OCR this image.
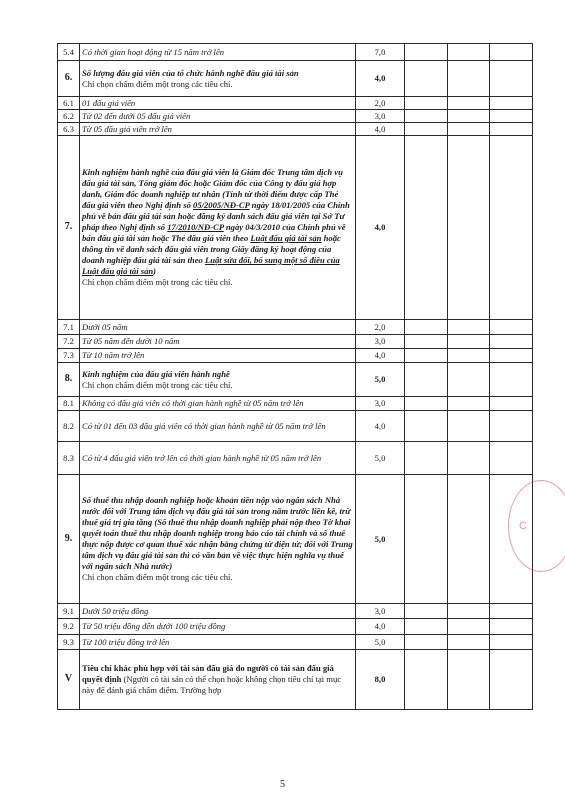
5.4	Có thời gian hoạt động từ 15 năm trở lên	7,0			
6.	Số lượng đấu giá viên của tổ chức hành nghề đấu giá tài sản
Chỉ chọn chấm điểm một trong các tiêu chí.	4,0			
6.1	01 đấu giá viên	2,0			
6.2	Từ 02 đến dưới 05 đấu giá viên	3,0			
6.3	Từ 05 đấu giá viên trở lên	4,0			
7.	Kinh nghiệm hành nghề của đấu giá viên là Giám đốc Trung tâm dịch vụ đấu giá tài sản, Tổng giám đốc hoặc Giám đốc của Công ty đấu giá hợp danh, Giám đốc doanh nghiệp tư nhân (Tính từ thời điểm được cấp Thẻ đấu giá viên theo Nghị định số 05/2005/NĐ-CP ngày 18/01/2005 của Chính phủ về bán đấu giá tài sản hoặc đăng ký danh sách đấu giá viên tại Sở Tư pháp theo Nghị định số 17/2010/NĐ-CP ngày 04/3/2010 của Chính phủ về bán đấu giá tài sản hoặc Thẻ đấu giá viên theo Luật đấu giá tài sản hoặc thông tin về danh sách đấu giá viên trong Giấy đăng ký hoạt động của doanh nghiệp đấu giá tài sản theo Luật sửa đổi, bổ sung một số điều của Luật đấu giá tài sản)
Chỉ chọn chấm điểm một trong các tiêu chí.	4,0			
7.1	Dưới 05 năm	2,0			
7.2	Từ 05 năm đến dưới 10 năm	3,0			
7.3	Từ 10 năm trở lên	4,0			
8.	Kinh nghiệm của đấu giá viên hành nghề
Chỉ chọn chấm điểm một trong các tiêu chí.	5,0			
8.1	Không có đấu giá viên có thời gian hành nghề từ 05 năm trở lên	3,0			
8.2	Có từ 01 đến 03 đấu giá viên có thời gian hành nghề từ 05 năm trở lên	4,0			
8.3	Có từ 4 đấu giá viên trở lên có thời gian hành nghề từ 05 năm trở lên	5,0			
9.	Số thuế thu nhập doanh nghiệp hoặc khoản tiền nộp vào ngân sách Nhà nước đối với Trung tâm dịch vụ đấu giá tài sản trong năm trước liền kề, trừ thuế giá trị gia tăng (Số thuế thu nhập doanh nghiệp phải nộp theo Tờ khai quyết toán thuế thu nhập doanh nghiệp trong báo cáo tài chính và số thuế thực nộp được cơ quan thuế xác nhận bằng chứng từ điện tử; đối với Trung tâm dịch vụ đấu giá tài sản thì có văn bản về việc thực hiện nghĩa vụ thuế với ngân sách Nhà nước)
Chỉ chọn chấm điểm một trong các tiêu chí.	5,0			
9.1	Dưới 50 triệu đồng	3,0			
9.2	Từ 50 triệu đồng đến dưới 100 triệu đồng	4,0			
9.3	Từ 100 triệu đồng trở lên	5,0			
V	Tiêu chí khác phù hợp với tài sản đấu giá do người có tài sản đấu giá quyết định (Người có tài sản có thể chọn hoặc không chọn tiêu chí tại mục này để đánh giá chấm điểm. Trường hợp	8,0			
C
5
